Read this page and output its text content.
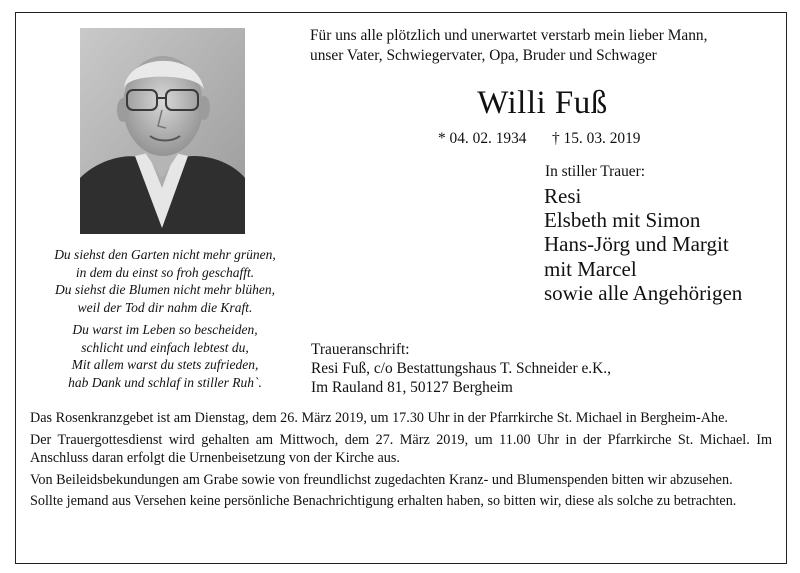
Du siehst den Garten nicht mehr grünen,
in dem du einst so froh geschafft.
Du siehst die Blumen nicht mehr blühen,
weil der Tod dir nahm die Kraft.
Du warst im Leben so bescheiden,
schlicht und einfach lebtest du,
Mit allem warst du stets zufrieden,
hab Dank und schlaf in stiller Ruh`.
Für uns alle plötzlich und unerwartet verstarb mein lieber Mann,
unser Vater, Schwiegervater, Opa, Bruder und Schwager
Willi Fuß
* 04. 02. 1934 † 15. 03. 2019
In stiller Trauer:
Resi
Elsbeth mit Simon
Hans-Jörg und Margit
mit Marcel
sowie alle Angehörigen
Traueranschrift:
Resi Fuß, c/o Bestattungshaus T. Schneider e.K.,
Im Rauland 81, 50127 Bergheim

Das Rosenkranzgebet ist am Dienstag, dem 26. März 2019, um 17.30 Uhr in der Pfarrkirche St. Michael in Bergheim-Ahe.

Der Trauergottesdienst wird gehalten am Mittwoch, dem 27. März 2019, um 11.00 Uhr in der Pfarrkirche St. Michael. Im Anschluss daran erfolgt die Urnenbeisetzung von der Kirche aus.

Von Beileidsbekundungen am Grabe sowie von freundlichst zugedachten Kranz- und Blumenspenden bitten wir abzusehen.

Sollte jemand aus Versehen keine persönliche Benachrichtigung erhalten haben, so bitten wir, diese als solche zu betrachten.
